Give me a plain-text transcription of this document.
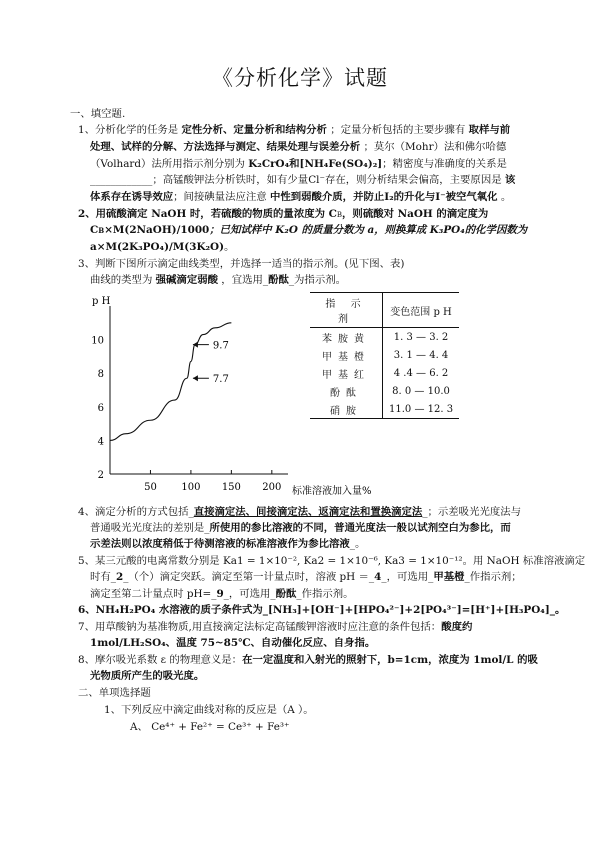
《分析化学》试题
一、填空题.
1、分析化学的任务是 定性分析、定量分析和结构分析 ；定量分析包括的主要步骤有 取样与前
处理、试样的分解、方法选择与测定、结果处理与误差分析 ；莫尔（Mohr）法和佛尔哈德
（Volhard）法所用指示剂分别为 K₂CrO₄和[NH₄Fe(SO₄)₂]；精密度与准确度的关系是
____________；高锰酸钾法分析铁时，如有少量Cl⁻存在，则分析结果会偏高，主要原因是 该
体系存在诱导效应；间接碘量法应注意 中性到弱酸介质，并防止I₂的升化与I⁻被空气氧化 。
2、用硫酸滴定 NaOH 时，若硫酸的物质的量浓度为 CB，则硫酸对 NaOH 的滴定度为
CB×M(2NaOH)/1000；已知试样中 K₂O 的质量分数为 a，则换算成 K₃PO₄的化学因数为
a×M(2K₃PO₄)/M(3K₂O)。
3、判断下图所示滴定曲线类型，并选择一适当的指示剂。(见下图、表)
曲线的类型为 强碱滴定弱酸 ，宜选用_酚酞_为指示剂。
p H
标准溶液加入量%
2
4
6
8
10
50 100 150 200
9.7
7.7
指 示 剂	变色范围 p H
苯胺黄	1. 3 — 3. 2
甲基橙	3. 1 — 4. 4
甲基红	4 .4 — 6. 2
酚酞	8. 0 — 10.0
硝胺	11.0 — 12. 3
4、滴定分析的方式包括_直接滴定法、间接滴定法、返滴定法和置换滴定法_；示差吸光光度法与
普通吸光光度法的差别是_所使用的参比溶液的不同，普通光度法一般以试剂空白为参比，而
示差法则以浓度稍低于待测溶液的标准溶液作为参比溶液_。
5、某三元酸的电离常数分别是 Ka1 = 1×10⁻², Ka2 = 1×10⁻⁶, Ka3 = 1×10⁻¹²。用 NaOH 标准溶液滴定
时有_2_（个）滴定突跃。滴定至第一计量点时，溶液 pH ＝_4_，可选用_甲基橙_作指示剂；
滴定至第二计量点时 pH=_9_，可选用_酚酞_作指示剂。
6、NH₄H₂PO₄ 水溶液的质子条件式为_[NH₃]+[OH⁻]+[HPO₄²⁻]+2[PO₄³⁻]=[H⁺]+[H₃PO₄]_。
7、用草酸钠为基准物质,用直接滴定法标定高锰酸钾溶液时应注意的条件包括：酸度约
1mol/LH₂SO₄、温度 75~85℃、自动催化反应、自身指。
8、摩尔吸光系数 ε 的物理意义是：在一定温度和入射光的照射下，b=1cm，浓度为 1mol/L 的吸
光物质所产生的吸光度。
二、单项选择题
1、下列反应中滴定曲线对称的反应是（A ）。
A、 Ce⁴⁺ + Fe²⁺ = Ce³⁺ + Fe³⁺
